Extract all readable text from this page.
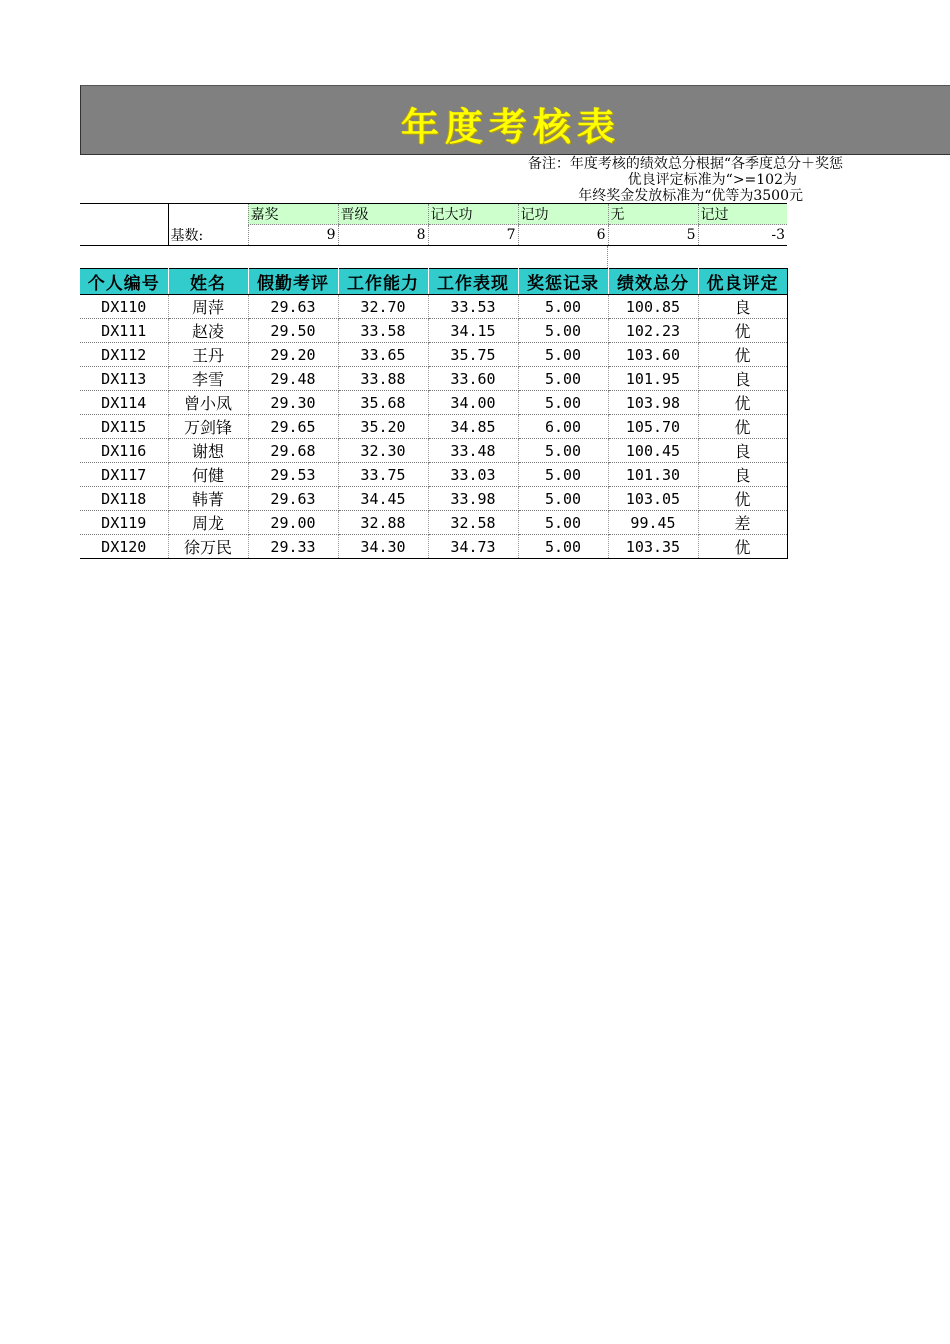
年度考核表
备注：年度考核的绩效总分根据“各季度总分＋奖惩
优良评定标准为“>=102为
年终奖金发放标准为“优等为3500元
		嘉奖	晋级	记大功	记功	无	记过
	基数:	9	8	7	6	5	-3
个人编号	姓名	假勤考评	工作能力	工作表现	奖惩记录	绩效总分	优良评定
DX110	周萍	29.63	32.70	33.53	5.00	100.85	良
DX111	赵凌	29.50	33.58	34.15	5.00	102.23	优
DX112	王丹	29.20	33.65	35.75	5.00	103.60	优
DX113	李雪	29.48	33.88	33.60	5.00	101.95	良
DX114	曾小凤	29.30	35.68	34.00	5.00	103.98	优
DX115	万剑锋	29.65	35.20	34.85	6.00	105.70	优
DX116	谢想	29.68	32.30	33.48	5.00	100.45	良
DX117	何健	29.53	33.75	33.03	5.00	101.30	良
DX118	韩菁	29.63	34.45	33.98	5.00	103.05	优
DX119	周龙	29.00	32.88	32.58	5.00	99.45	差
DX120	徐万民	29.33	34.30	34.73	5.00	103.35	优
